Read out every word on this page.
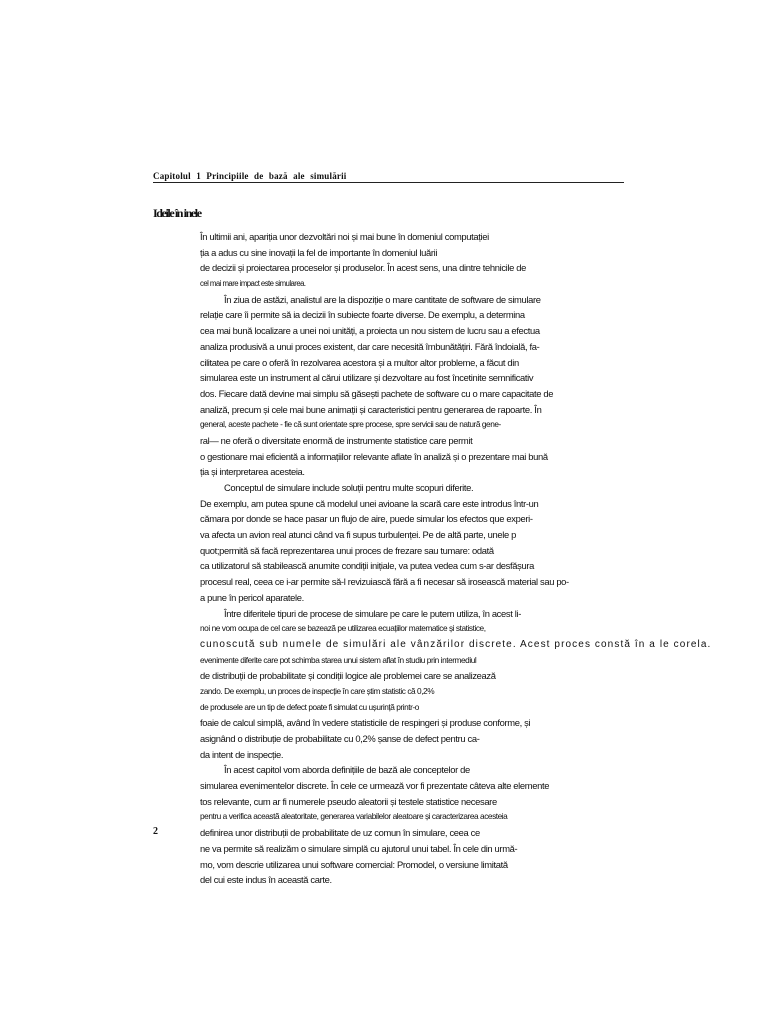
Capitolul 1 Principiile de bază ale simulării
Ideile în inele
În ultimii ani, apariția unor dezvoltări noi și mai bune în domeniul computației
ția a adus cu sine inovații la fel de importante în domeniul luării
de decizii și proiectarea proceselor și produselor. În acest sens, una dintre tehnicile de
cel mai mare impact este simularea.
În ziua de astăzi, analistul are la dispoziție o mare cantitate de software de simulare
relație care îi permite să ia decizii în subiecte foarte diverse. De exemplu, a determina
cea mai bună localizare a unei noi unități, a proiecta un nou sistem de lucru sau a efectua
analiza produsivă a unui proces existent, dar care necesită îmbunătățiri. Fără îndoială, fa-
cilitatea pe care o oferă în rezolvarea acestora și a multor altor probleme, a făcut din
simularea este un instrument al cărui utilizare și dezvoltare au fost încetinite semnificativ
dos. Fiecare dată devine mai simplu să găsești pachete de software cu o mare capacitate de
analiză, precum și cele mai bune animații și caracteristici pentru generarea de rapoarte. În
general, aceste pachete - fie că sunt orientate spre procese, spre servicii sau de natură gene-
ral— ne oferă o diversitate enormă de instrumente statistice care permit
o gestionare mai eficientă a informațiilor relevante aflate în analiză și o prezentare mai bună
ția și interpretarea acesteia.
Conceptul de simulare include soluții pentru multe scopuri diferite.
De exemplu, am putea spune că modelul unei avioane la scară care este introdus într-un
cămara por donde se hace pasar un flujo de aire, puede simular los efectos que experi-
va afecta un avion real atunci când va fi supus turbulenței. Pe de altă parte, unele p
quot;permită să facă reprezentarea unui proces de frezare sau tumare: odată
ca utilizatorul să stabilească anumite condiții inițiale, va putea vedea cum s-ar desfășura
procesul real, ceea ce i-ar permite să-l revizuiască fără a fi necesar să irosească material sau po-
a pune în pericol aparatele.
Între diferitele tipuri de procese de simulare pe care le putem utiliza, în acest li-
noi ne vom ocupa de cel care se bazează pe utilizarea ecuațiilor matematice și statistice,
cunoscută sub numele de simulări ale vânzărilor discrete. Acest proces constă în a le corela.
evenimente diferite care pot schimba starea unui sistem aflat în studiu prin intermediul
de distribuții de probabilitate și condiții logice ale problemei care se analizează
zando. De exemplu, un proces de inspecție în care știm statistic că 0,2%
de produsele are un tip de defect poate fi simulat cu ușurință printr-o
foaie de calcul simplă, având în vedere statisticile de respingeri și produse conforme, și
asignând o distribuție de probabilitate cu 0,2% șanse de defect pentru ca-
da intent de inspecție.
În acest capitol vom aborda definițiile de bază ale conceptelor de
simularea evenimentelor discrete. În cele ce urmează vor fi prezentate câteva alte elemente
tos relevante, cum ar fi numerele pseudo aleatorii și testele statistice necesare
pentru a verifica această aleatoritate, generarea variabilelor aleatoare și caracterizarea acesteia
definirea unor distribuții de probabilitate de uz comun în simulare, ceea ce
ne va permite să realizăm o simulare simplă cu ajutorul unui tabel. În cele din urmă-
mo, vom descrie utilizarea unui software comercial: Promodel, o versiune limitată
del cui este indus în această carte.
2
